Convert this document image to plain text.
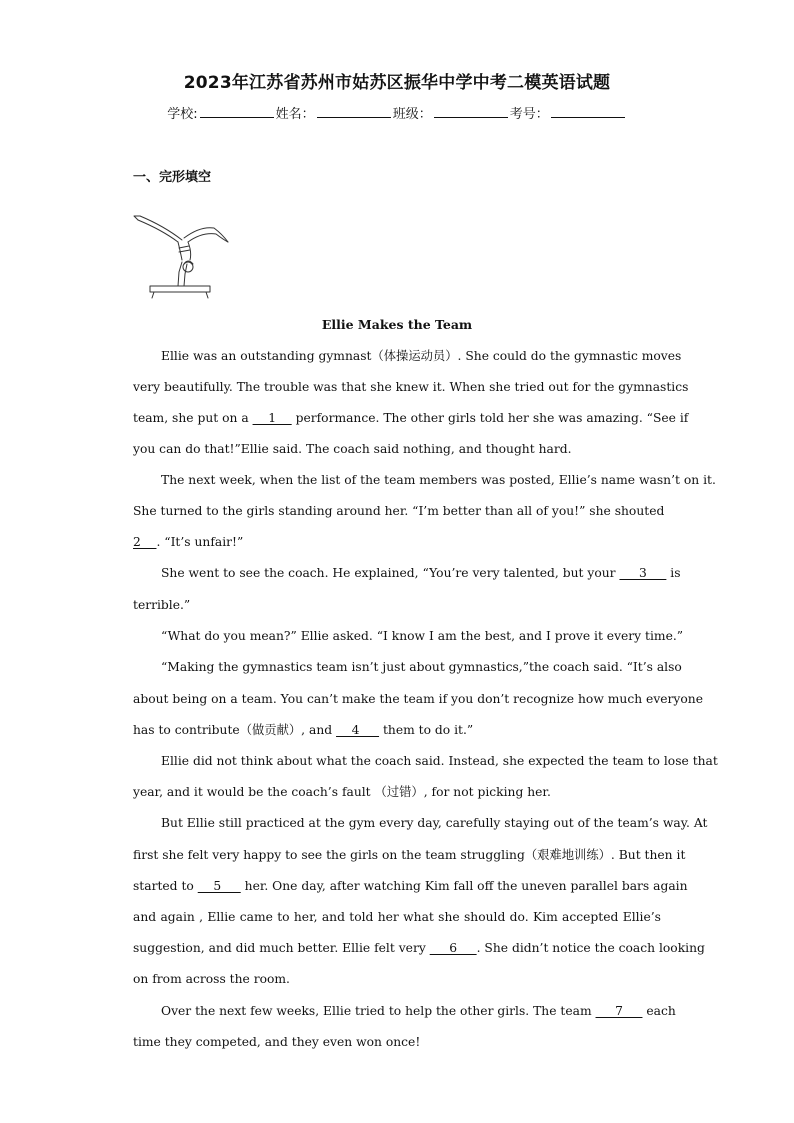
2023年江苏省苏州市姑苏区振华中学中考二模英语试题
学校:	姓名：	班级：	考号：
一、完形填空
Ellie Makes the Team
Ellie was an outstanding gymnast（体操运动员）. She could do the gymnastic moves
very beautifully. The trouble was that she knew it. When she tried out for the gymnastics
team, she put on a     1     performance. The other girls told her she was amazing. “See if
you can do that!”Ellie said. The coach said nothing, and thought hard.
The next week, when the list of the team members was posted, Ellie’s name wasn’t on it.
She turned to the girls standing around her. “I’m better than all of you!” she shouted
2    . “It’s unfair!”
She went to see the coach. He explained, “You’re very talented, but your      3      is
terrible.”
“What do you mean?” Ellie asked. “I know I am the best, and I prove it every time.”
“Making the gymnastics team isn’t just about gymnastics,”the coach said. “It’s also
about being on a team. You can’t make the team if you don’t recognize how much everyone
has to contribute（做贡献）, and     4      them to do it.”
Ellie did not think about what the coach said. Instead, she expected the team to lose that
year, and it would be the coach’s fault （过错）, for not picking her.
But Ellie still practiced at the gym every day, carefully staying out of the team’s way. At
first she felt very happy to see the girls on the team struggling（艰难地训练）. But then it
started to     5      her. One day, after watching Kim fall off the uneven parallel bars again
and again , Ellie came to her, and told her what she should do. Kim accepted Ellie’s
suggestion, and did much better. Ellie felt very      6     . She didn’t notice the coach looking
on from across the room.
Over the next few weeks, Ellie tried to help the other girls. The team      7      each
time they competed, and they even won once!
